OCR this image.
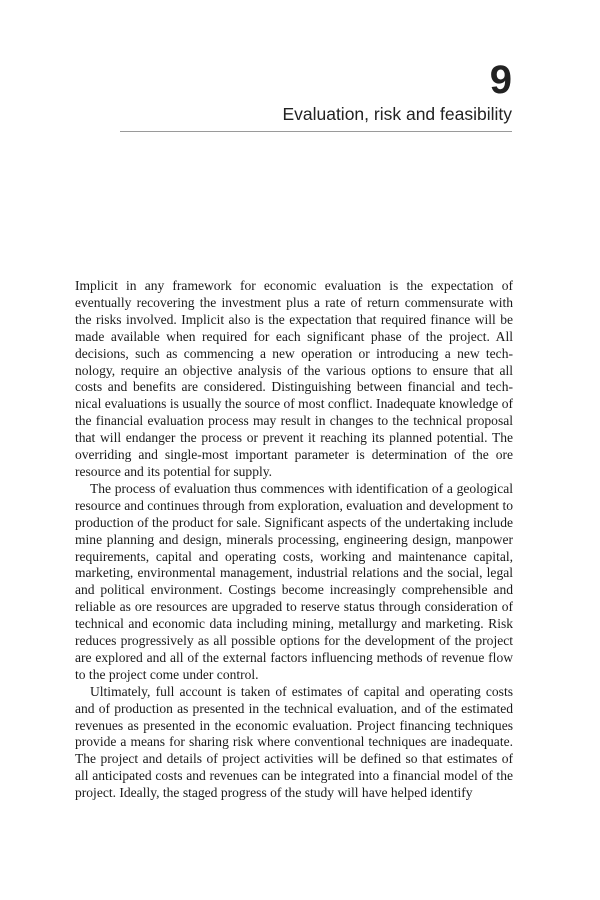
9
Evaluation, risk and feasibility

Implicit in any framework for economic evaluation is the expectation of eventually recovering the investment plus a rate of return commensurate with the risks involved. Implicit also is the expectation that required finance will be made available when required for each significant phase of the project. All decisions, such as commencing a new operation or introducing a new technology, require an objective analysis of the various options to ensure that all costs and benefits are considered. Distinguishing between financial and technical evaluations is usually the source of most conflict. Inadequate knowledge of the financial evaluation process may result in changes to the technical proposal that will endanger the process or prevent it reaching its planned potential. The overriding and single-most important parameter is determination of the ore resource and its potential for supply.

The process of evaluation thus commences with identification of a geological resource and continues through from exploration, evaluation and development to production of the product for sale. Significant aspects of the undertaking include mine planning and design, minerals processing, engineering design, manpower requirements, capital and operating costs, working and maintenance capital, marketing, environmental management, industrial relations and the social, legal and political environment. Costings become increasingly comprehensible and reliable as ore resources are upgraded to reserve status through consideration of technical and economic data including mining, metallurgy and marketing. Risk reduces progressively as all possible options for the development of the project are explored and all of the external factors influencing methods of revenue flow to the project come under control.

Ultimately, full account is taken of estimates of capital and operating costs and of production as presented in the technical evaluation, and of the estimated revenues as presented in the economic evaluation. Project financing techniques provide a means for sharing risk where conventional techniques are inadequate. The project and details of project activities will be defined so that estimates of all anticipated costs and revenues can be integrated into a financial model of the project. Ideally, the staged progress of the study will have helped identify
